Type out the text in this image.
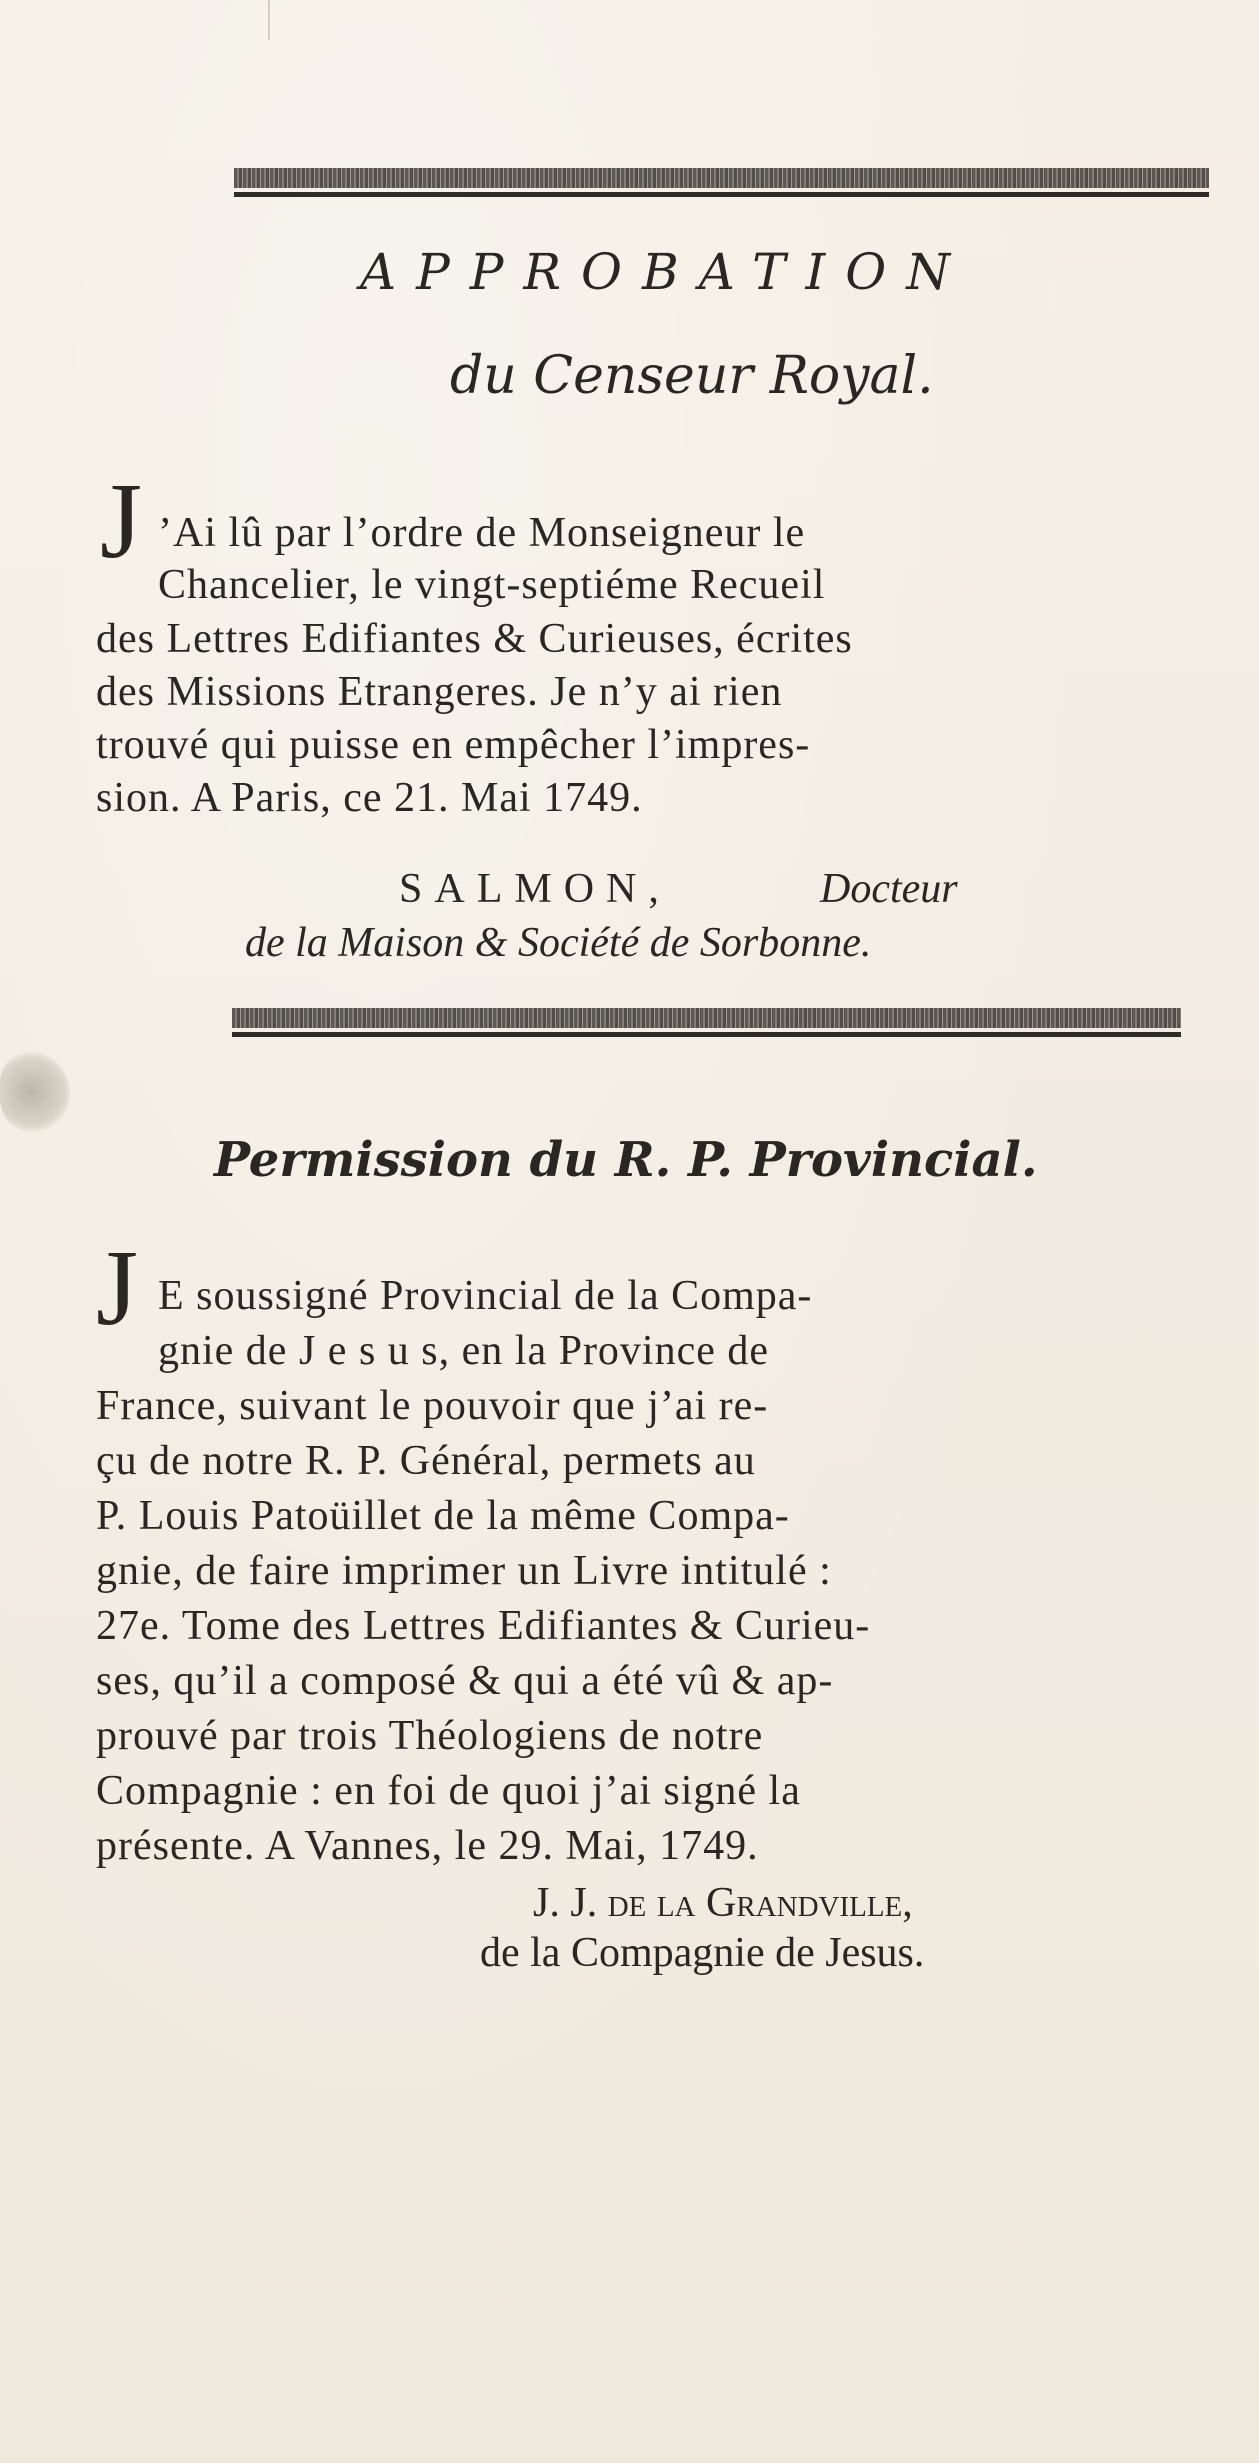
APPROBATION
du Censeur Royal.
J ’Ai lû par l’ordre de Monseigneur le
Chancelier, le vingt-septiéme Recueil
des Lettres Edifiantes & Curieuses, écrites
des Missions Etrangeres. Je n’y ai rien
trouvé qui puisse en empêcher l’impres-
sion. A Paris, ce 21. Mai 1749.
SALMON,	Docteur
de la Maison & Société de Sorbonne.
Permission du R. P. Provincial.
J E soussigné Provincial de la Compa-
gnie de J e s u s, en la Province de
France, suivant le pouvoir que j’ai re-
çu de notre R. P. Général, permets au
P. Louis Patoüillet de la même Compa-
gnie, de faire imprimer un Livre intitulé :
27e. Tome des Lettres Edifiantes & Curieu-
ses, qu’il a composé & qui a été vû & ap-
prouvé par trois Théologiens de notre
Compagnie : en foi de quoi j’ai signé la
présente. A Vannes, le 29. Mai, 1749.
J. J. de la Grandville,
de la Compagnie de Jesus.
